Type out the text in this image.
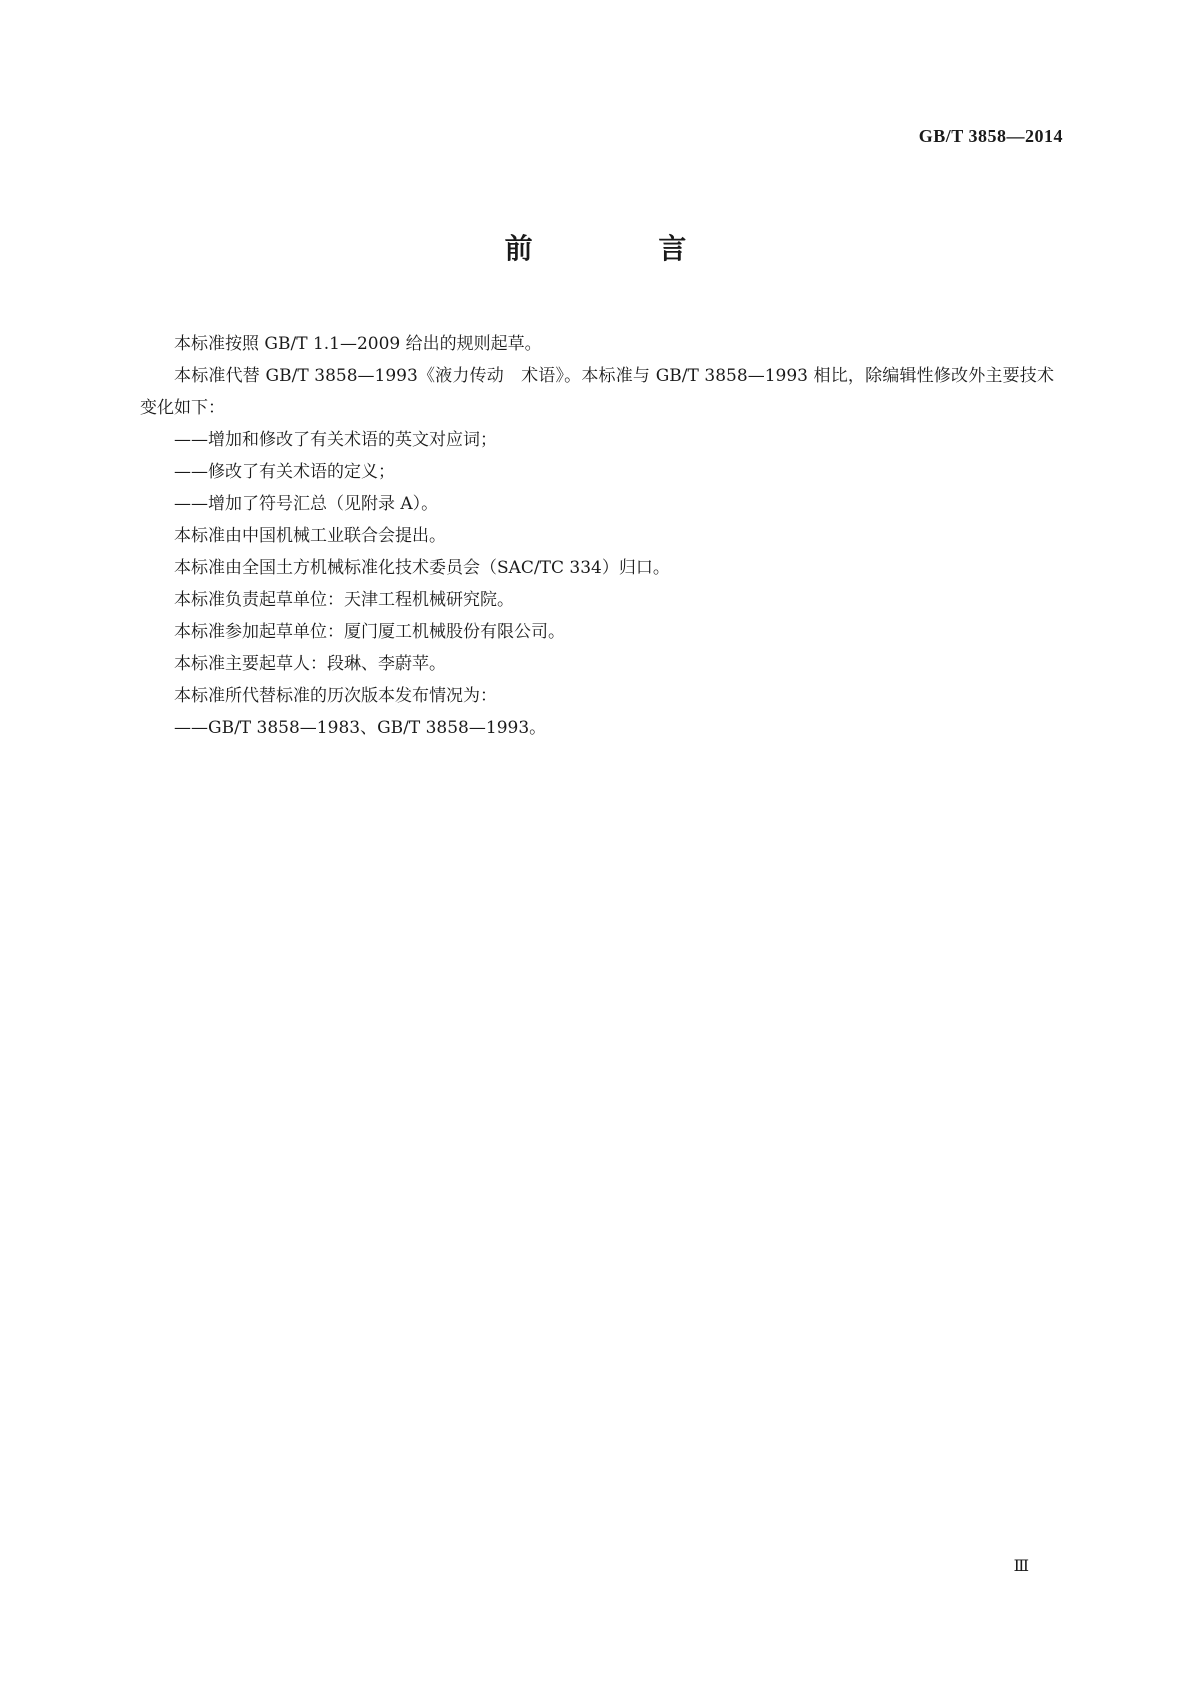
GB/T 3858—2014
前 言

本标准按照 GB/T 1.1—2009 给出的规则起草。

本标准代替 GB/T 3858—1993《液力传动　术语》。本标准与 GB/T 3858—1993 相比，除编辑性修改外主要技术变化如下：

——增加和修改了有关术语的英文对应词；

——修改了有关术语的定义；

——增加了符号汇总（见附录 A）。

本标准由中国机械工业联合会提出。

本标准由全国土方机械标准化技术委员会（SAC/TC 334）归口。

本标准负责起草单位：天津工程机械研究院。

本标准参加起草单位：厦门厦工机械股份有限公司。

本标准主要起草人：段琳、李蔚苹。

本标准所代替标准的历次版本发布情况为：

——GB/T 3858—1983、GB/T 3858—1993。

Ⅲ
